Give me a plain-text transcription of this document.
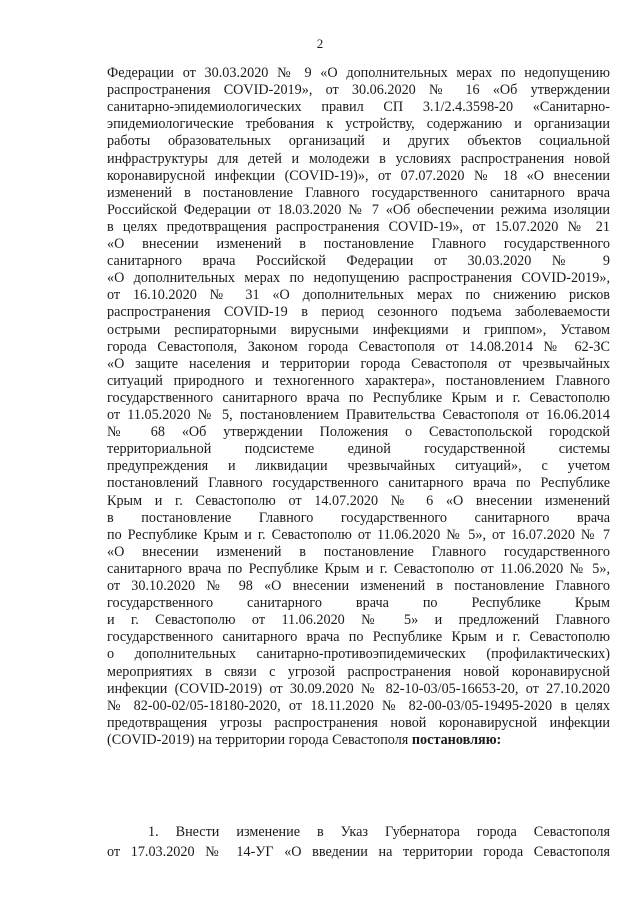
2
Федерации от 30.03.2020 № 9 «О дополнительных мерах по недопущению
распространения COVID-2019», от 30.06.2020 № 16 «Об утверждении
санитарно-эпидемиологических правил СП 3.1/2.4.3598-20 «Санитарно-
эпидемиологические требования к устройству, содержанию и организации
работы образовательных организаций и других объектов социальной
инфраструктуры для детей и молодежи в условиях распространения новой
коронавирусной инфекции (COVID-19)», от 07.07.2020 № 18 «О внесении
изменений в постановление Главного государственного санитарного врача
Российской Федерации от 18.03.2020 № 7 «Об обеспечении режима изоляции
в целях предотвращения распространения COVID-19», от 15.07.2020 № 21
«О внесении изменений в постановление Главного государственного
санитарного врача Российской Федерации от 30.03.2020 № 9
«О дополнительных мерах по недопущению распространения COVID-2019»,
от 16.10.2020 № 31 «О дополнительных мерах по снижению рисков
распространения COVID-19 в период сезонного подъема заболеваемости
острыми респираторными вирусными инфекциями и гриппом», Уставом
города Севастополя, Законом города Севастополя от 14.08.2014 № 62-ЗС
«О защите населения и территории города Севастополя от чрезвычайных
ситуаций природного и техногенного характера», постановлением Главного
государственного санитарного врача по Республике Крым и г. Севастополю
от 11.05.2020 № 5, постановлением Правительства Севастополя от 16.06.2014
№ 68 «Об утверждении Положения о Севастопольской городской
территориальной подсистеме единой государственной системы
предупреждения и ликвидации чрезвычайных ситуаций», с учетом
постановлений Главного государственного санитарного врача по Республике
Крым и г. Севастополю от 14.07.2020 № 6 «О внесении изменений
в постановление Главного государственного санитарного врача
по Республике Крым и г. Севастополю от 11.06.2020 № 5», от 16.07.2020 № 7
«О внесении изменений в постановление Главного государственного
санитарного врача по Республике Крым и г. Севастополю от 11.06.2020 № 5»,
от 30.10.2020 № 98 «О внесении изменений в постановление Главного
государственного санитарного врача по Республике Крым
и г. Севастополю от 11.06.2020 № 5» и предложений Главного
государственного санитарного врача по Республике Крым и г. Севастополю
о дополнительных санитарно-противоэпидемических (профилактических)
мероприятиях в связи с угрозой распространения новой коронавирусной
инфекции (COVID-2019) от 30.09.2020 № 82-10-03/05-16653-20, от 27.10.2020
№ 82-00-02/05-18180-2020, от 18.11.2020 № 82-00-03/05-19495-2020 в целях
предотвращения угрозы распространения новой коронавирусной инфекции
(COVID-2019) на территории города Севастополя постановляю:
1. Внести изменение в Указ Губернатора города Севастополя
от 17.03.2020 № 14-УГ «О введении на территории города Севастополя
